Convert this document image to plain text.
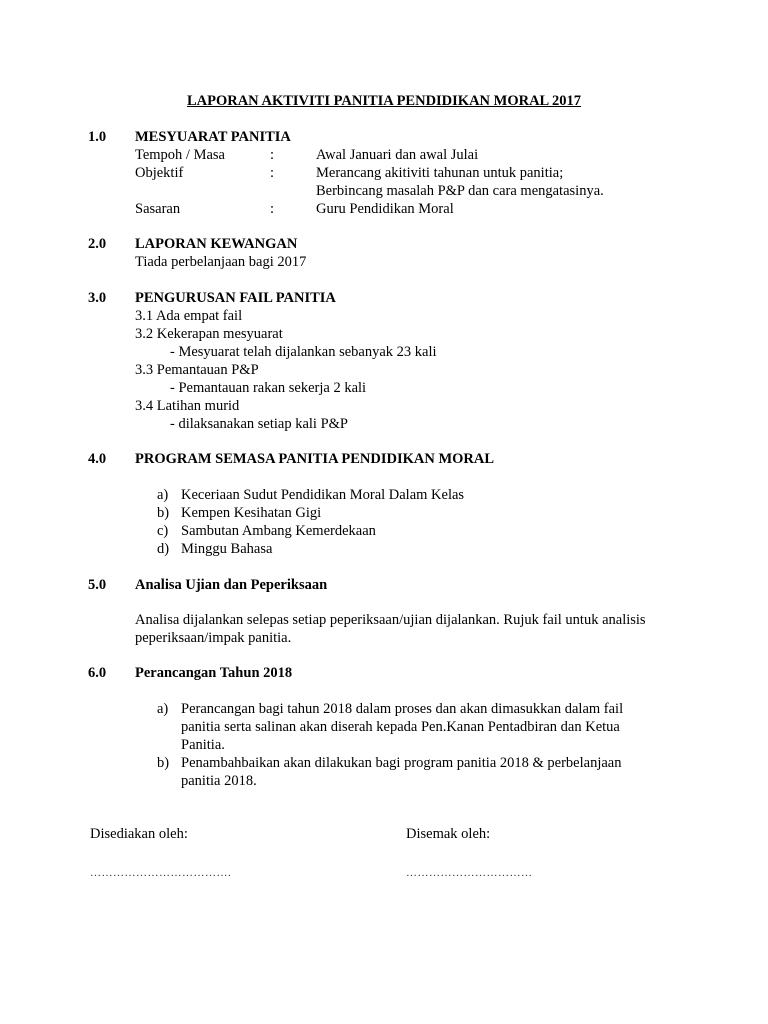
LAPORAN AKTIVITI PANITIA PENDIDIKAN MORAL 2017
1.0 MESYUARAT PANITIA
Tempoh / Masa	:	Awal Januari dan awal Julai
Objektif	:	Merancang akitiviti tahunan untuk panitia;
Berbincang masalah P&P dan cara mengatasinya.
Sasaran	:	Guru Pendidikan Moral
2.0 LAPORAN KEWANGAN
Tiada perbelanjaan bagi 2017
3.0 PENGURUSAN FAIL PANITIA
3.1 Ada empat fail
3.2 Kekerapan mesyuarat
- Mesyuarat telah dijalankan sebanyak 23 kali
3.3 Pemantauan P&P
- Pemantauan rakan sekerja 2 kali
3.4 Latihan murid
- dilaksanakan setiap kali P&P
4.0 PROGRAM SEMASA PANITIA PENDIDIKAN MORAL
a) Keceriaan Sudut Pendidikan Moral Dalam Kelas
b) Kempen Kesihatan Gigi
c) Sambutan Ambang Kemerdekaan
d) Minggu Bahasa
5.0 Analisa Ujian dan Peperiksaan
Analisa dijalankan selepas setiap peperiksaan/ujian dijalankan. Rujuk fail untuk analisis
peperiksaan/impak panitia.
6.0 Perancangan Tahun 2018
a) Perancangan bagi tahun 2018 dalam proses dan akan dimasukkan dalam fail
panitia serta salinan akan diserah kepada Pen.Kanan Pentadbiran dan Ketua
Panitia.
b) Penambahbaikan akan dilakukan bagi program panitia 2018 & perbelanjaan
panitia 2018.
Disediakan oleh:	Disemak oleh:
……………………………….	……………………………
